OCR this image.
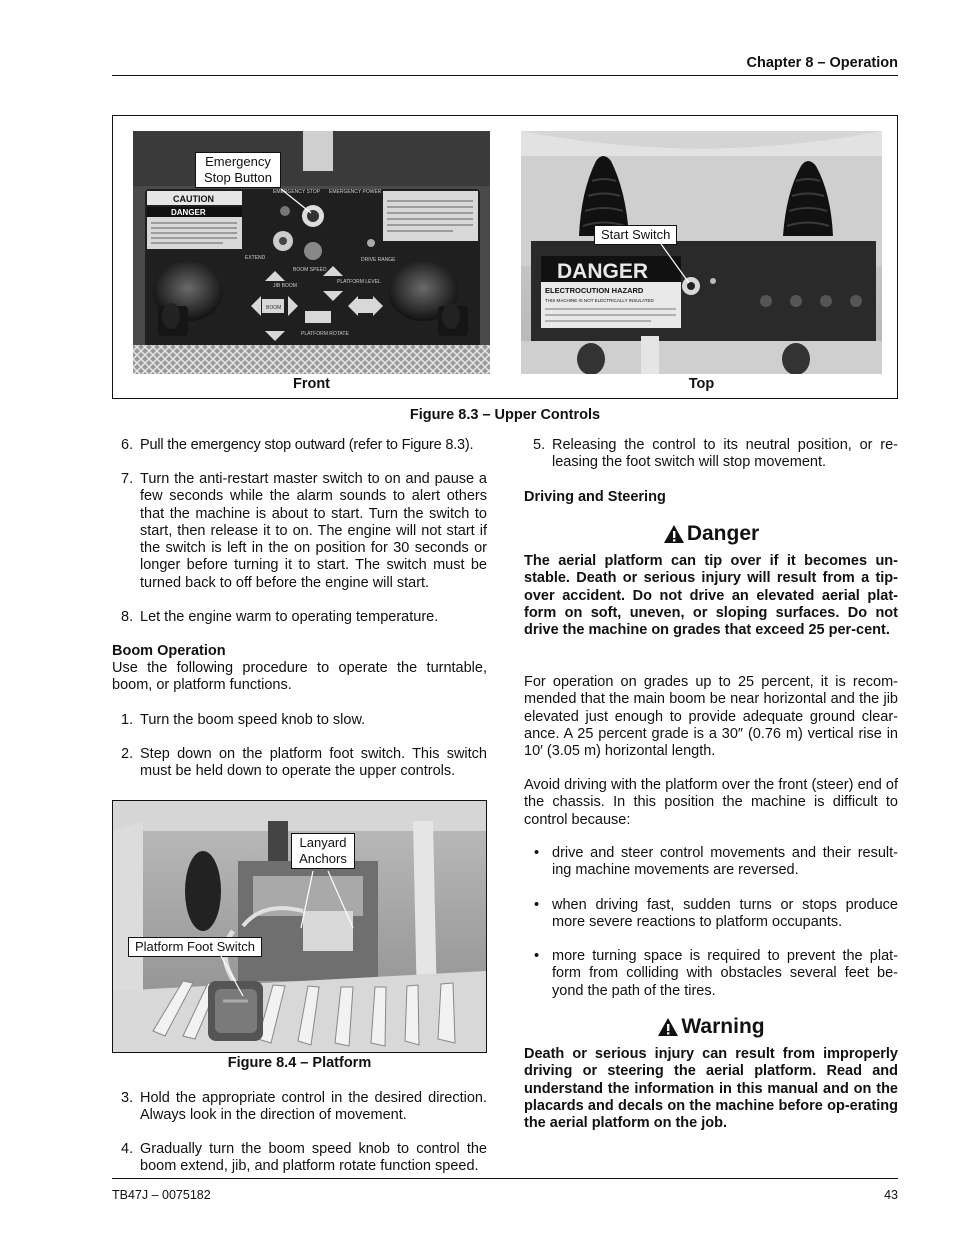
Chapter 8 – Operation
CAUTION
DANGER
EMERGENCY STOP EMERGENCY POWER
DRIVE RANGE
EXTEND
BOOM SPEED
JIB BOOM
PLATFORM LEVEL
BOOM
PLATFORM ROTATE
Emergency Stop Button
Front
DANGER
ELECTROCUTION HAZARD
THIS MACHINE IS NOT ELECTRICALLY INSULATED
Start Switch
Top
Figure 8.3 – Upper Controls
6. Pull the emergency stop outward (refer to Figure 8.3).
7. Turn the anti-restart master switch to on and pause a few seconds while the alarm sounds to alert others that the machine is about to start. Turn the switch to start, then release it to on. The engine will not start if the switch is left in the on position for 30 seconds or longer before turning it to start. The switch must be turned back to off before the engine will start.
8. Let the engine warm to operating temperature.
Boom Operation
Use the following procedure to operate the turntable, boom, or platform functions.
1. Turn the boom speed knob to slow.
2. Step down on the platform foot switch. This switch must be held down to operate the upper controls.
Lanyard Anchors
Platform Foot Switch
Figure 8.4 – Platform
3. Hold the appropriate control in the desired direction. Always look in the direction of movement.
4. Gradually turn the boom speed knob to control the boom extend, jib, and platform rotate function speed.
5. Releasing the control to its neutral position, or re-leasing the foot switch will stop movement.
Driving and Steering
Danger
The aerial platform can tip over if it becomes un-stable. Death or serious injury will result from a tip-over accident. Do not drive an elevated aerial plat-form on soft, uneven, or sloping surfaces. Do not drive the machine on grades that exceed 25 per-cent.
For operation on grades up to 25 percent, it is recom-mended that the main boom be near horizontal and the jib elevated just enough to provide adequate ground clear-ance. A 25 percent grade is a 30″ (0.76 m) vertical rise in 10′ (3.05 m) horizontal length.
Avoid driving with the platform over the front (steer) end of the chassis. In this position the machine is difficult to control because:
• drive and steer control movements and their result-ing machine movements are reversed.
• when driving fast, sudden turns or stops produce more severe reactions to platform occupants.
• more turning space is required to prevent the plat-form from colliding with obstacles several feet be-yond the path of the tires.
Warning
Death or serious injury can result from improperly driving or steering the aerial platform. Read and understand the information in this manual and on the placards and decals on the machine before op-erating the aerial platform on the job.
TB47J – 0075182	43
